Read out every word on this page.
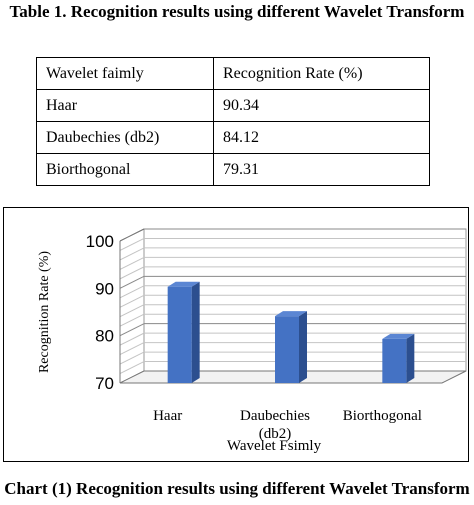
Table 1. Recognition results using different Wavelet Transform
Wavelet faimly	Recognition Rate (%)
Haar	90.34
Daubechies (db2)	84.12
Biorthogonal	79.31
70
80
90
100
Haar	Daubechies (db2)
Biorthogonal
Wavelet Fsimly
Recognition Rate (%)
Chart (1) Recognition results using different Wavelet Transform
